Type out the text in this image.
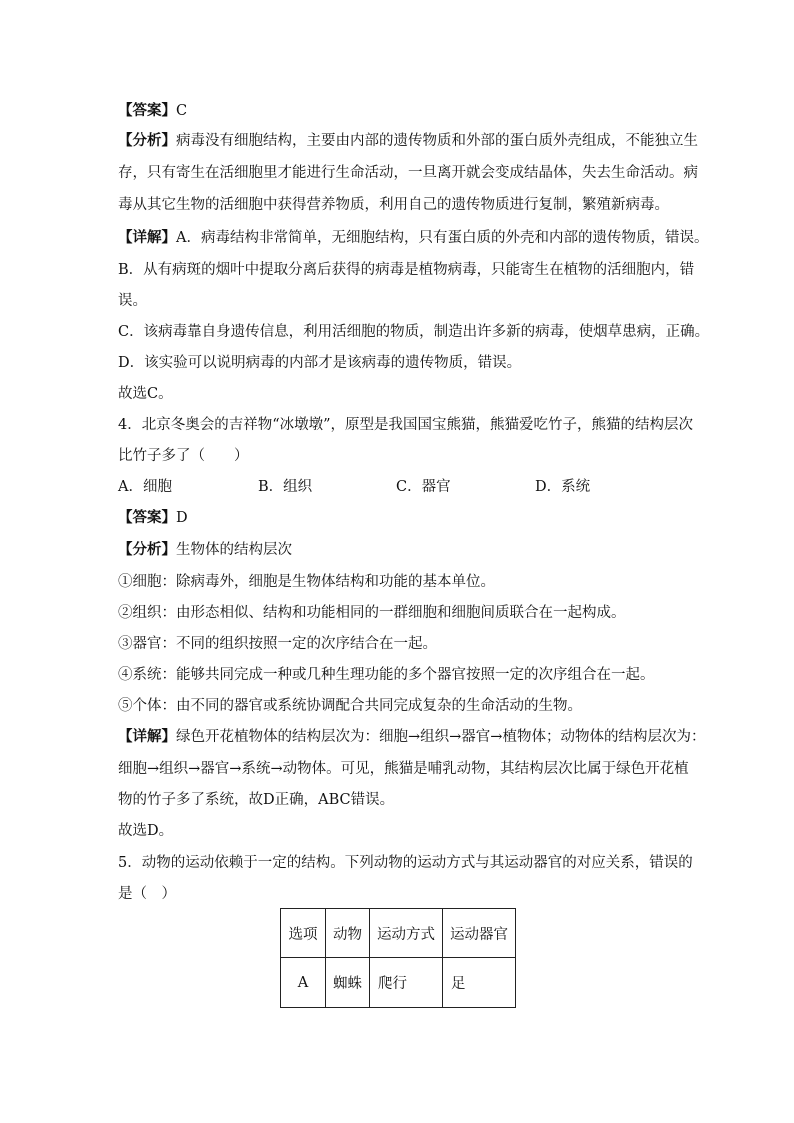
【答案】C
【分析】病毒没有细胞结构，主要由内部的遗传物质和外部的蛋白质外壳组成，不能独立生
存，只有寄生在活细胞里才能进行生命活动，一旦离开就会变成结晶体，失去生命活动。病
毒从其它生物的活细胞中获得营养物质，利用自己的遗传物质进行复制，繁殖新病毒。
【详解】A．病毒结构非常简单，无细胞结构，只有蛋白质的外壳和内部的遗传物质，错误。
B．从有病斑的烟叶中提取分离后获得的病毒是植物病毒，只能寄生在植物的活细胞内，错
误。
C．该病毒靠自身遗传信息，利用活细胞的物质，制造出许多新的病毒，使烟草患病，正确。
D．该实验可以说明病毒的内部才是该病毒的遗传物质，错误。
故选C。
4．北京冬奥会的吉祥物“冰墩墩”，原型是我国国宝熊猫，熊猫爱吃竹子，熊猫的结构层次
比竹子多了（　　）
A．细胞	B．组织	C．器官	D．系统
【答案】D
【分析】生物体的结构层次
①细胞：除病毒外，细胞是生物体结构和功能的基本单位。
②组织：由形态相似、结构和功能相同的一群细胞和细胞间质联合在一起构成。
③器官：不同的组织按照一定的次序结合在一起。
④系统：能够共同完成一种或几种生理功能的多个器官按照一定的次序组合在一起。
⑤个体：由不同的器官或系统协调配合共同完成复杂的生命活动的生物。
【详解】绿色开花植物体的结构层次为：细胞→组织→器官→植物体；动物体的结构层次为：
细胞→组织→器官→系统→动物体。可见，熊猫是哺乳动物，其结构层次比属于绿色开花植
物的竹子多了系统，故D正确，ABC错误。
故选D。
5．动物的运动依赖于一定的结构。下列动物的运动方式与其运动器官的对应关系，错误的
是（　）
选项	动物	运动方式	运动器官
A	蜘蛛	爬行	足
